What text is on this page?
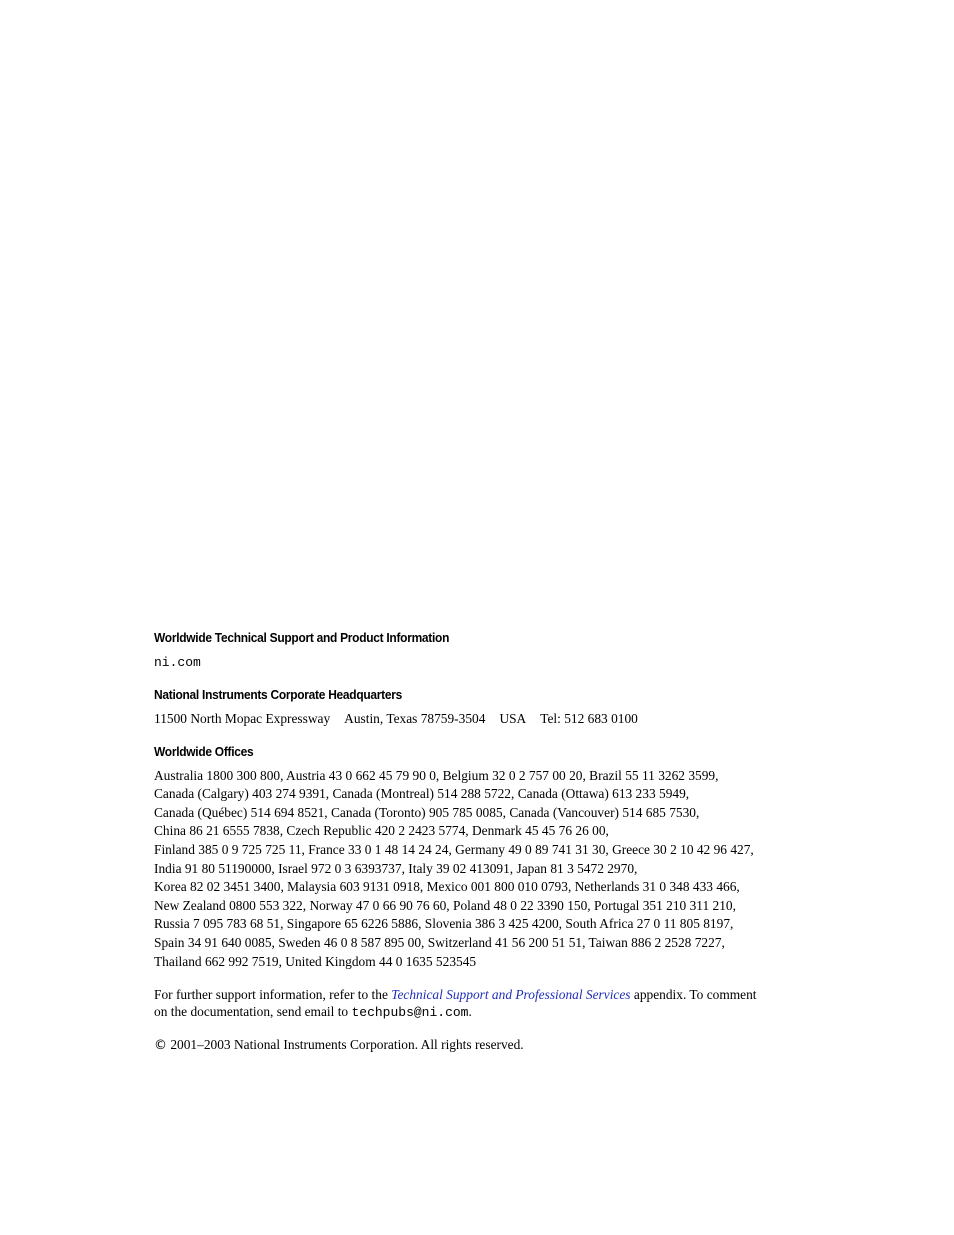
Worldwide Technical Support and Product Information

ni.com

National Instruments Corporate Headquarters

11500 North Mopac Expressway Austin, Texas 78759-3504 USA Tel: 512 683 0100

Worldwide Offices

Australia 1800 300 800, Austria 43 0 662 45 79 90 0, Belgium 32 0 2 757 00 20, Brazil 55 11 3262 3599,
Canada (Calgary) 403 274 9391, Canada (Montreal) 514 288 5722, Canada (Ottawa) 613 233 5949,
Canada (Québec) 514 694 8521, Canada (Toronto) 905 785 0085, Canada (Vancouver) 514 685 7530,
China 86 21 6555 7838, Czech Republic 420 2 2423 5774, Denmark 45 45 76 26 00,
Finland 385 0 9 725 725 11, France 33 0 1 48 14 24 24, Germany 49 0 89 741 31 30, Greece 30 2 10 42 96 427,
India 91 80 51190000, Israel 972 0 3 6393737, Italy 39 02 413091, Japan 81 3 5472 2970,
Korea 82 02 3451 3400, Malaysia 603 9131 0918, Mexico 001 800 010 0793, Netherlands 31 0 348 433 466,
New Zealand 0800 553 322, Norway 47 0 66 90 76 60, Poland 48 0 22 3390 150, Portugal 351 210 311 210,
Russia 7 095 783 68 51, Singapore 65 6226 5886, Slovenia 386 3 425 4200, South Africa 27 0 11 805 8197,
Spain 34 91 640 0085, Sweden 46 0 8 587 895 00, Switzerland 41 56 200 51 51, Taiwan 886 2 2528 7227,
Thailand 662 992 7519, United Kingdom 44 0 1635 523545

For further support information, refer to the Technical Support and Professional Services appendix. To comment
on the documentation, send email to techpubs@ni.com.

© 2001–2003 National Instruments Corporation. All rights reserved.
